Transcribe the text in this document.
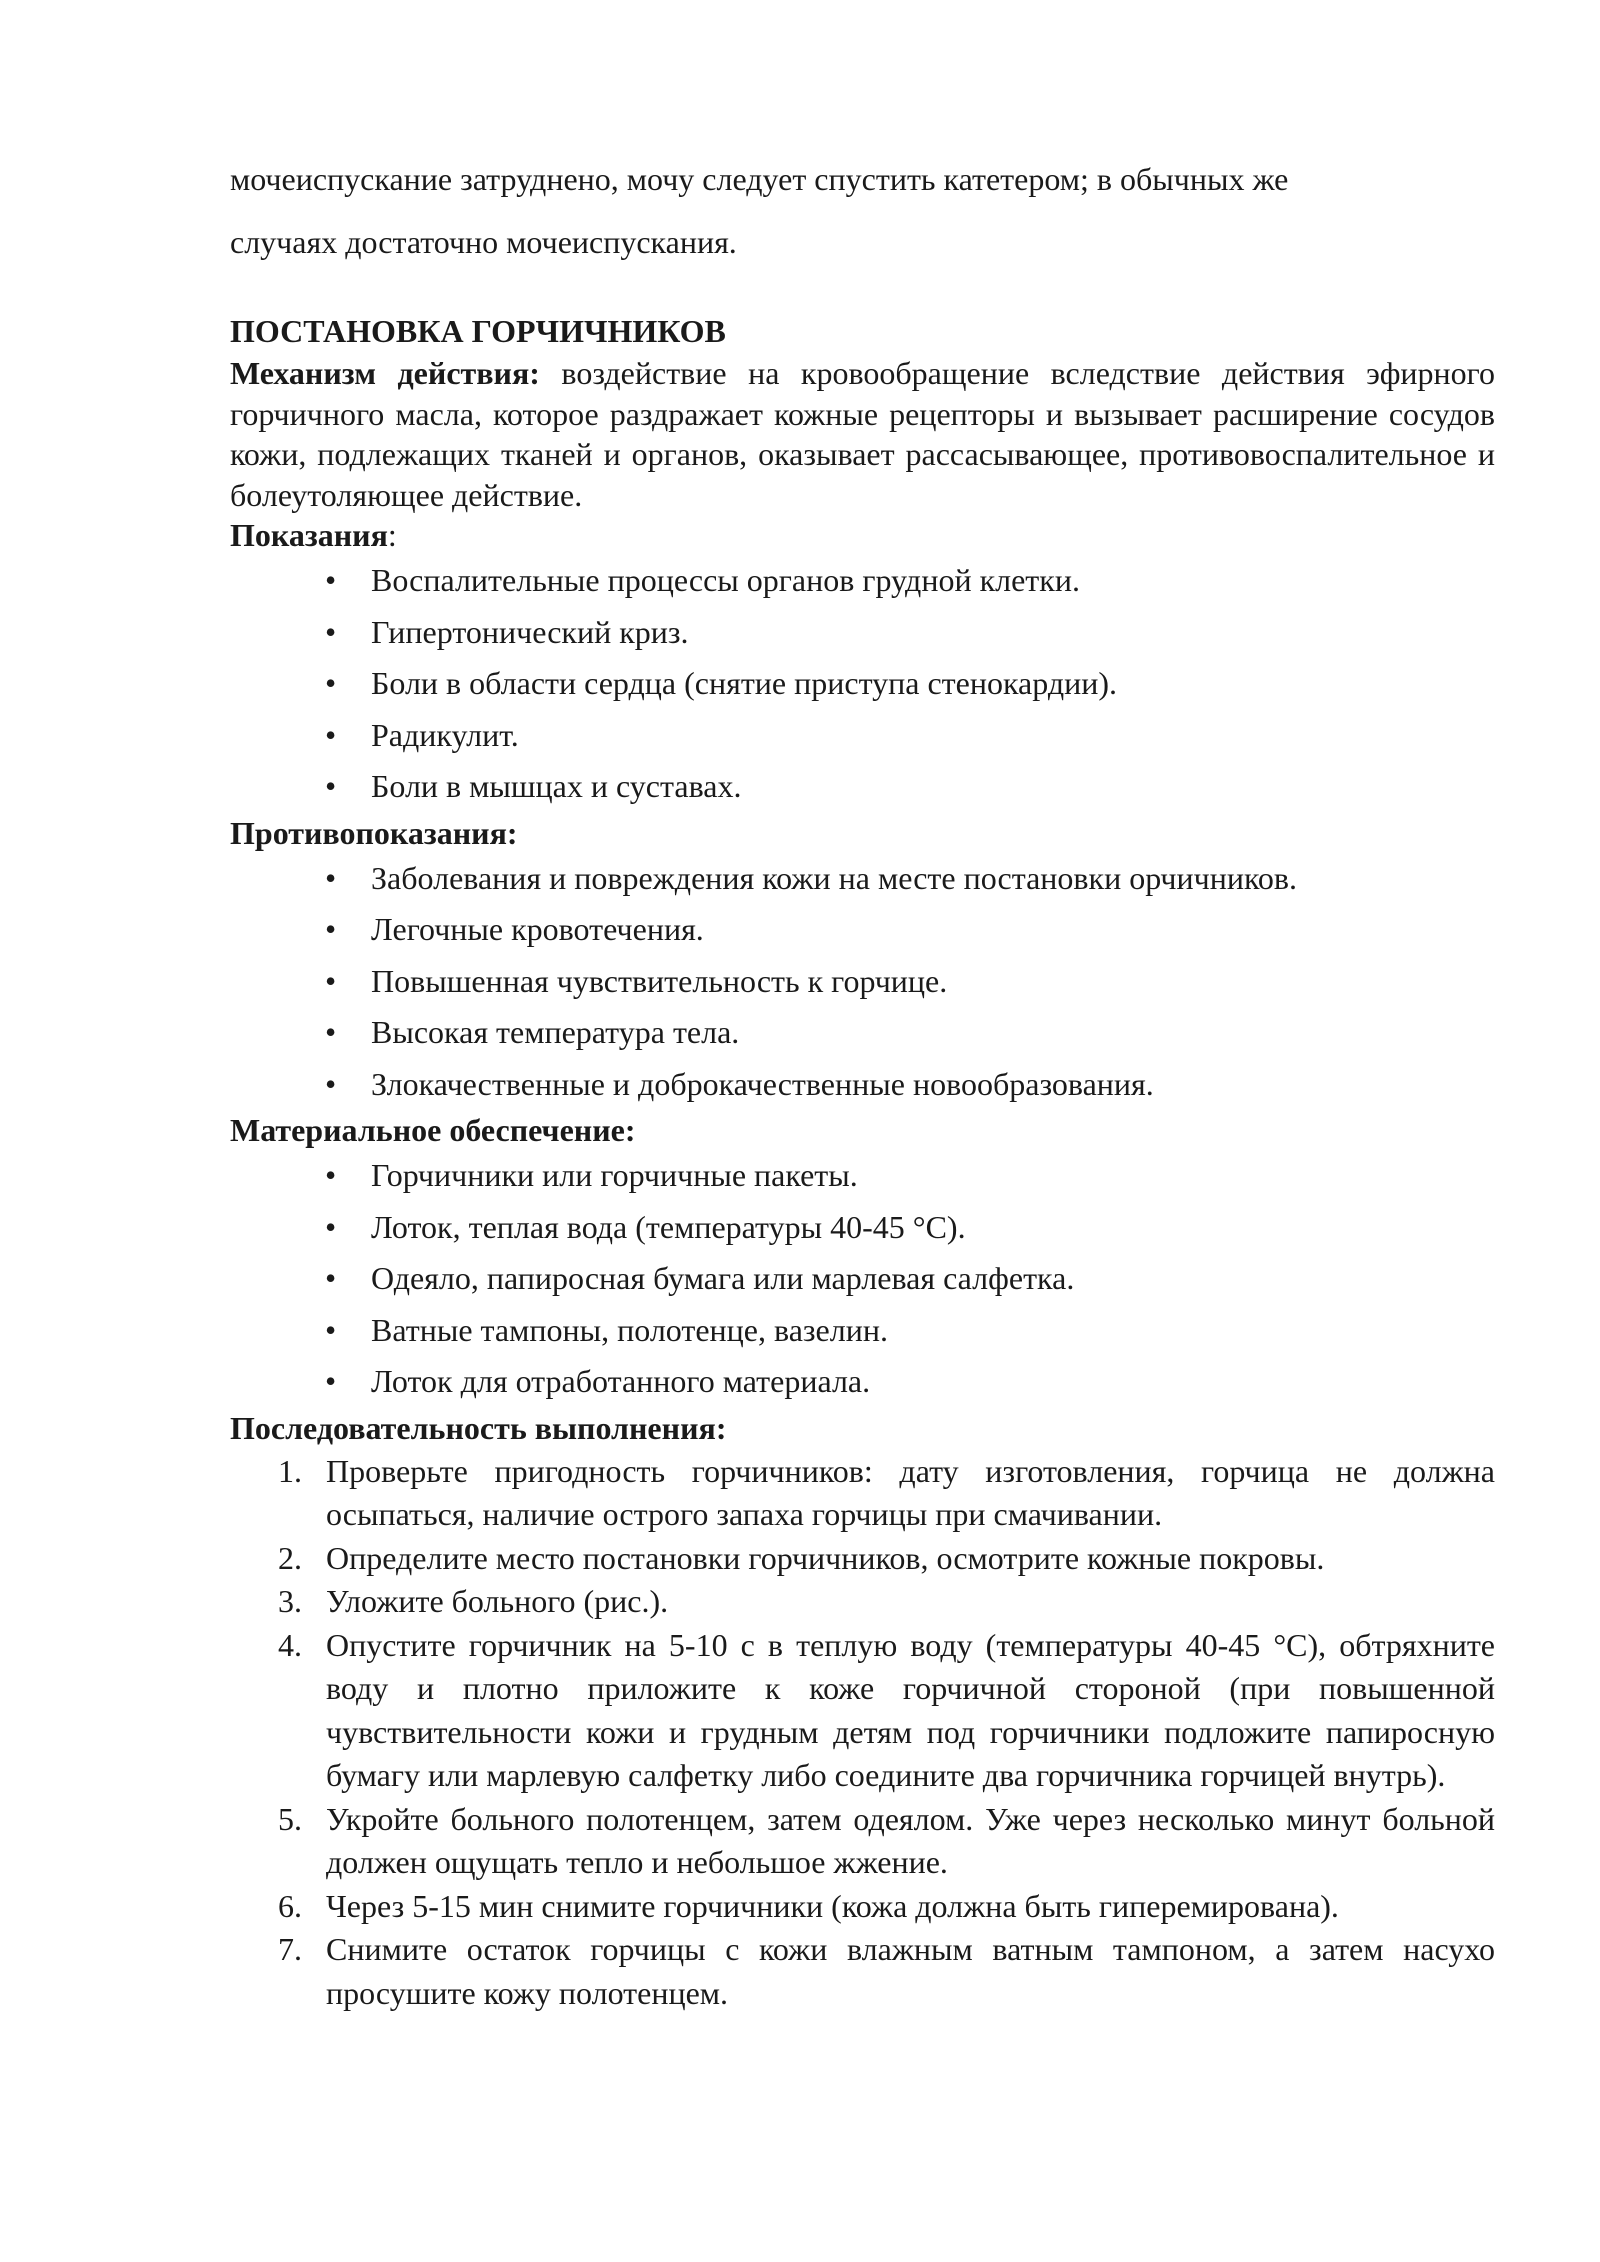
мочеиспускание затруднено, мочу следует спустить катетером; в обычных же

случаях достаточно мочеиспускания.

ПОСТАНОВКА ГОРЧИЧНИКОВ

Механизм действия: воздействие на кровообращение вследствие действия эфирного горчичного масла, которое раздражает кожные рецепторы и вызывает расширение сосудов кожи, подлежащих тканей и органов, оказывает рассасывающее, противовоспалительное и болеутоляющее действие.

Показания:

• Воспалительные процессы органов грудной клетки.
• Гипертонический криз.
• Боли в области сердца (снятие приступа стенокардии).
• Радикулит.
• Боли в мышцах и суставах.

Противопоказания:

• Заболевания и повреждения кожи на месте постановки орчичников.
• Легочные кровотечения.
• Повышенная чувствительность к горчице.
• Высокая температура тела.
• Злокачественные и доброкачественные новообразования.

Материальное обеспечение:

• Горчичники или горчичные пакеты.
• Лоток, теплая вода (температуры 40-45 °С).
• Одеяло, папиросная бумага или марлевая салфетка.
• Ватные тампоны, полотенце, вазелин.
• Лоток для отработанного материала.

Последовательность выполнения:

1. Проверьте пригодность горчичников: дату изготовления, горчица не должна осыпаться, наличие острого запаха горчицы при смачивании.
2. Определите место постановки горчичников, осмотрите кожные покровы.
3. Уложите больного (рис.).
4. Опустите горчичник на 5-10 с в теплую воду (температуры 40-45 °С), обтряхните воду и плотно приложите к коже горчичной стороной (при повышенной чувствительности кожи и грудным детям под горчичники подложите папиросную бумагу или марлевую салфетку либо соедините два горчичника горчицей внутрь).
5. Укройте больного полотенцем, затем одеялом. Уже через несколько минут больной должен ощущать тепло и небольшое жжение.
6. Через 5-15 мин снимите горчичники (кожа должна быть гиперемирована).
7. Снимите остаток горчицы с кожи влажным ватным тампоном, а затем насухо просушите кожу полотенцем.
